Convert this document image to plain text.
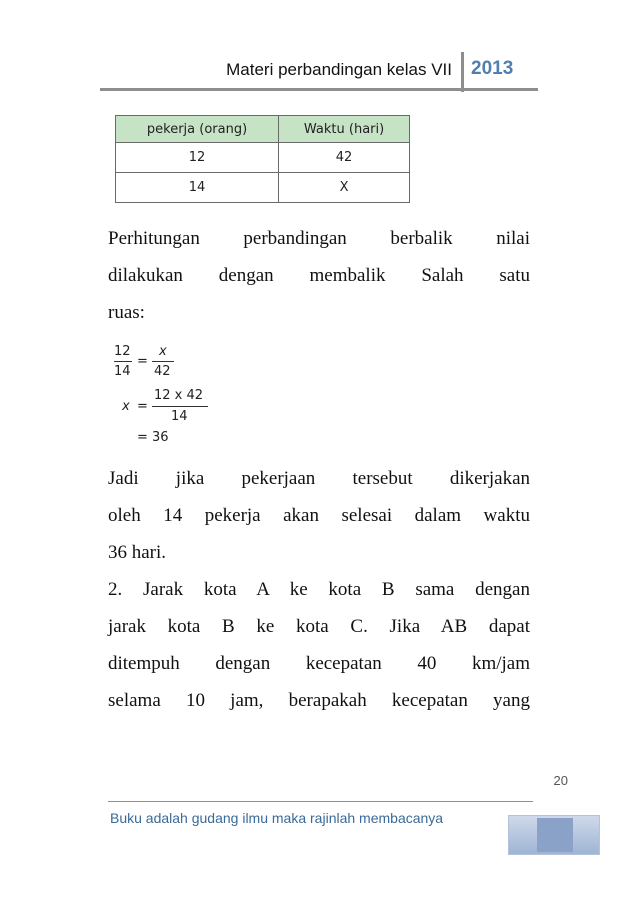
Materi perbandingan kelas VII 2013
pekerja (orang)	Waktu (hari)
12	42
14	X
Perhitungan perbandingan berbalik nilai
dilakukan dengan membalik Salah satu
ruas:
12
14
=
x
42
x =
12 x 42
14
= 36
Jadi jika pekerjaan tersebut dikerjakan
oleh 14 pekerja akan selesai dalam waktu
36 hari.
2. Jarak kota A ke kota B sama dengan
jarak kota B ke kota C. Jika AB dapat
ditempuh dengan kecepatan 40 km/jam
selama 10 jam, berapakah kecepatan yang
20
Buku adalah gudang ilmu maka rajinlah membacanya
